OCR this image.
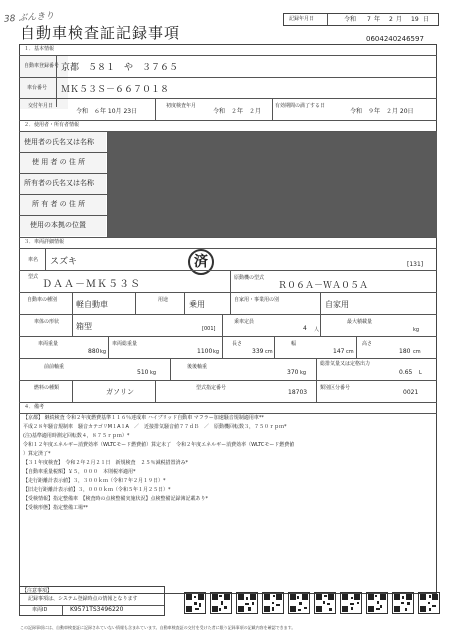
38 ぶんきり	記録年月日	令和 7 年 2 月 19 日
自動車検査証記録事項	0604240246597
１．基本情報
自動車登録番号 京都　５８１　や　３７６５
車台番号 ＭＫ５３Ｓ－６６７０１８
交付年月日
令和　６年 10月 23日
初度検査年月
令和　２年　２月
有効期間の満了する日
令和　９年　２月 20日
２．使用者・所有者情報
使用者の氏名又は名称
使 用 者 の 住 所
所有者の氏名又は名称
所 有 者 の 住 所
使用の本拠の位置
３．車両詳細情報
車名 スズキ	済	[131]
型式
ＤＡＡ－ＭＫ５３Ｓ
原動機の型式
Ｒ０６Ａ－ＷＡ０５Ａ
自動車の種別 軽自動車	用途	乗用	自家用・事業用の別	自家用
車体の形状 箱型	[001]
乗車定員
4 人
最大積載量
kg
車両重量
880 kg
車両総重量
1100 kg
長さ
339 cm
幅
147 cm
高さ
180 cm
前前軸重
510 kg
後後軸重
370 kg
総排気量又は定格出力
0.65 L
燃料の種類	ガソリン	型式指定番号
18703
類別区分番号
0021
４．備考
【京都】 継続検査 令和２年度燃費基準１１６％達成車 ハイブリッド自動車 マフラー加速騒音規制適用車**
平成２８年騒音規制車　騒音カテゴリM１A１A　／　近接排気騒音値７７ｄＢ　／　原動機回転数３，７５０ｒｐｍ*
(注)基準適用時測定回転数４，８７５ｒｐｍ）*
令和１２年度エネルギー消費効率（WLTCモード燃費値）算定未了　令和２年度エネルギー消費効率（WLTCモード燃費値
）算定済了*
【３１年度検査】　令和２年２月２１日　新規検査　２５％減税措置済み*
【自動車重量税額】￥５，０００　本則税率適用*
【走行距離計表示値】３，３００ｋｍ（令和７年２月１９日）*
【旧走行距離計表示値】３，０００ｋｍ（令和５年１月２５日）*
【受検情報】指定整備車　【検査時の点検整備実施状況】点検整備記録簿記載あり*
【受検形態】指定整備工場**
【注意事項】
記録事項は、システム登録時点の情報となります
車両ID	K9571TS3496220
この記録事項には、自動車検査証に記録されていない情報も含まれています。自動車検査証の交付を受けた者に限り記録事項の記載内容を確認できます。
